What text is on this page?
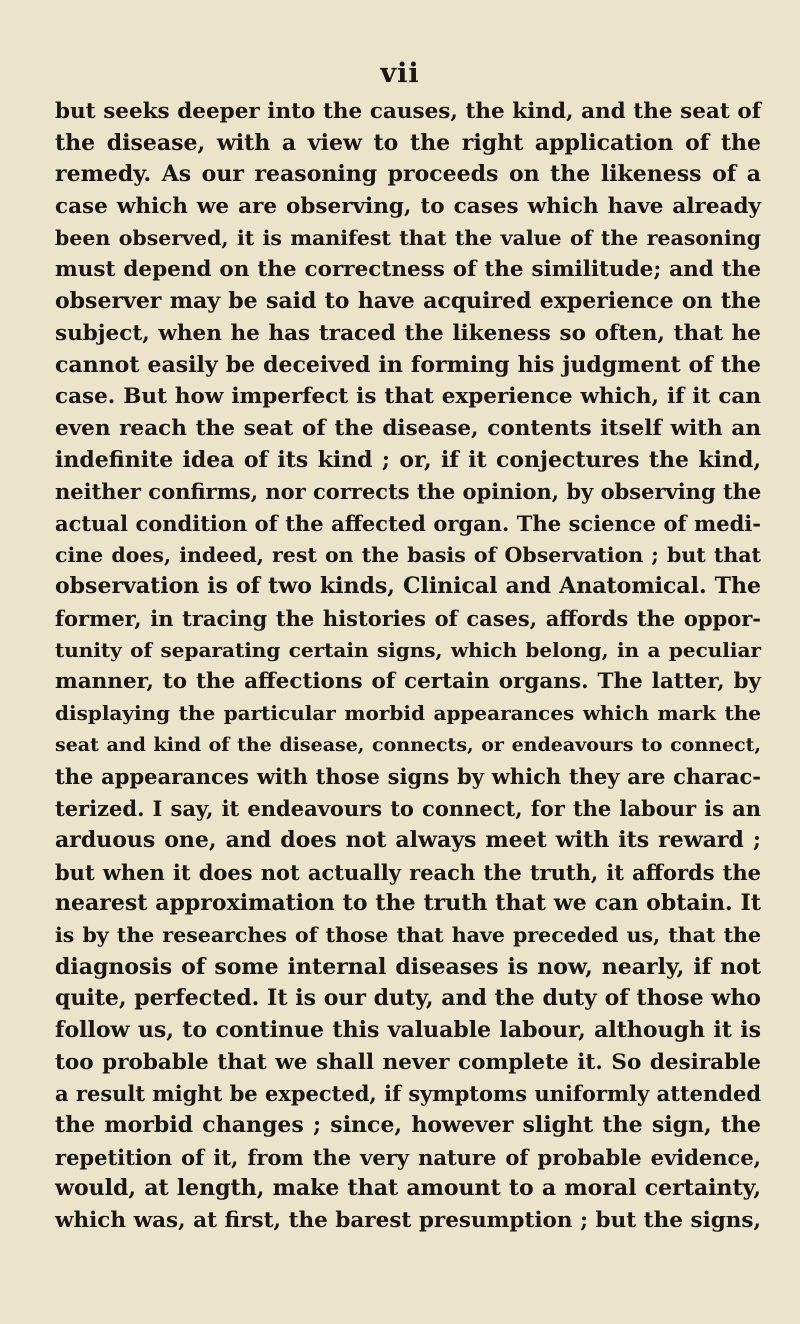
vii
but seeks deeper into the causes, the kind, and the seat of
the disease, with a view to the right application of the
remedy. As our reasoning proceeds on the likeness of a
case which we are observing, to cases which have already
been observed, it is manifest that the value of the reasoning
must depend on the correctness of the similitude; and the
observer may be said to have acquired experience on the
subject, when he has traced the likeness so often, that he
cannot easily be deceived in forming his judgment of the
case. But how imperfect is that experience which, if it can
even reach the seat of the disease, contents itself with an
indefinite idea of its kind ; or, if it conjectures the kind,
neither confirms, nor corrects the opinion, by observing the
actual condition of the affected organ. The science of medi-
cine does, indeed, rest on the basis of Observation ; but that
observation is of two kinds, Clinical and Anatomical. The
former, in tracing the histories of cases, affords the oppor-
tunity of separating certain signs, which belong, in a peculiar
manner, to the affections of certain organs. The latter, by
displaying the particular morbid appearances which mark the
seat and kind of the disease, connects, or endeavours to connect,
the appearances with those signs by which they are charac-
terized. I say, it endeavours to connect, for the labour is an
arduous one, and does not always meet with its reward ;
but when it does not actually reach the truth, it affords the
nearest approximation to the truth that we can obtain. It
is by the researches of those that have preceded us, that the
diagnosis of some internal diseases is now, nearly, if not
quite, perfected. It is our duty, and the duty of those who
follow us, to continue this valuable labour, although it is
too probable that we shall never complete it. So desirable
a result might be expected, if symptoms uniformly attended
the morbid changes ; since, however slight the sign, the
repetition of it, from the very nature of probable evidence,
would, at length, make that amount to a moral certainty,
which was, at first, the barest presumption ; but the signs,
